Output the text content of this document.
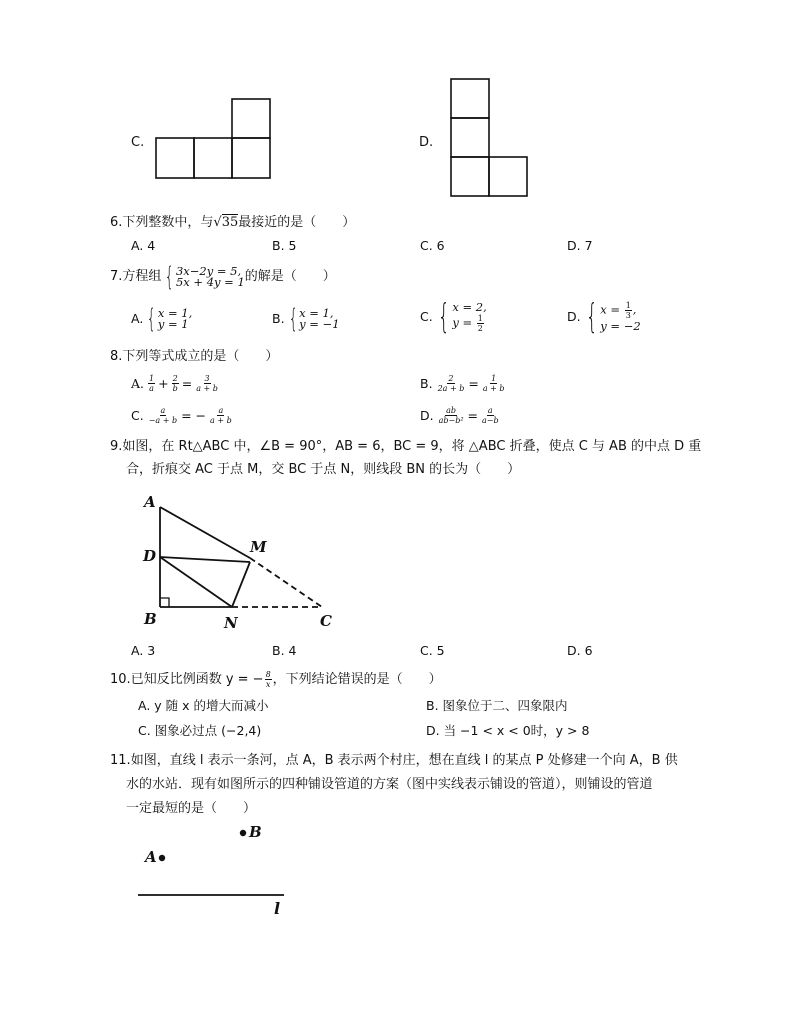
C.	D.
6.下列整数中，与√35最接近的是（　　）
A. 4	B. 5	C. 6	D. 7
7. 方程组 { 3x−2y = 5,
5x + 4y = 1 的解是（　　）
A. { x = 1,
y = 1	B. { x = 1,
y = −1	C. { x = 2,
$y = \frac{1}{2}$	D. { $x = \frac{1}{3}$ ,
y = −2
8.下列等式成立的是（　　）
A. $\frac{1}{a} + \frac{2}{b} = \frac{3}{a + b}$	B. $\frac{2}{2a + b} = \frac{1}{a + b}$
C. $\frac{a}{-a + b}$ = − $\frac{a}{a + b}$	D. $\frac{ab}{\text{ab−b²}} = \frac{a}{a-b}$
9.如图，在 Rt△ABC 中，∠B = 90°，AB = 6，BC = 9，将 △ABC 折叠，使点 C 与 AB 的中点 D 重
合，折痕交 AC 于点 M，交 BC 于点 N，则线段 BN 的长为（　　）
A
D	M
B	N	C
A. 3	B. 4	C. 5	D. 6
10. 已知反比例函数 y = − $\frac{8}{x}$ ，下列结论错误的是（　　）
A. y 随 x 的增大而减小	B. 图象位于二、四象限内
C. 图象必过点 (−2,4)	D. 当 −1 < x < 0时，y > 8
11.如图，直线 l 表示一条河，点 A，B 表示两个村庄，想在直线 l 的某点 P 处修建一个向 A，B 供
水的水站．现有如图所示的四种铺设管道的方案（图中实线表示铺设的管道），则铺设的管道
一定最短的是（　　）
A
B
l
